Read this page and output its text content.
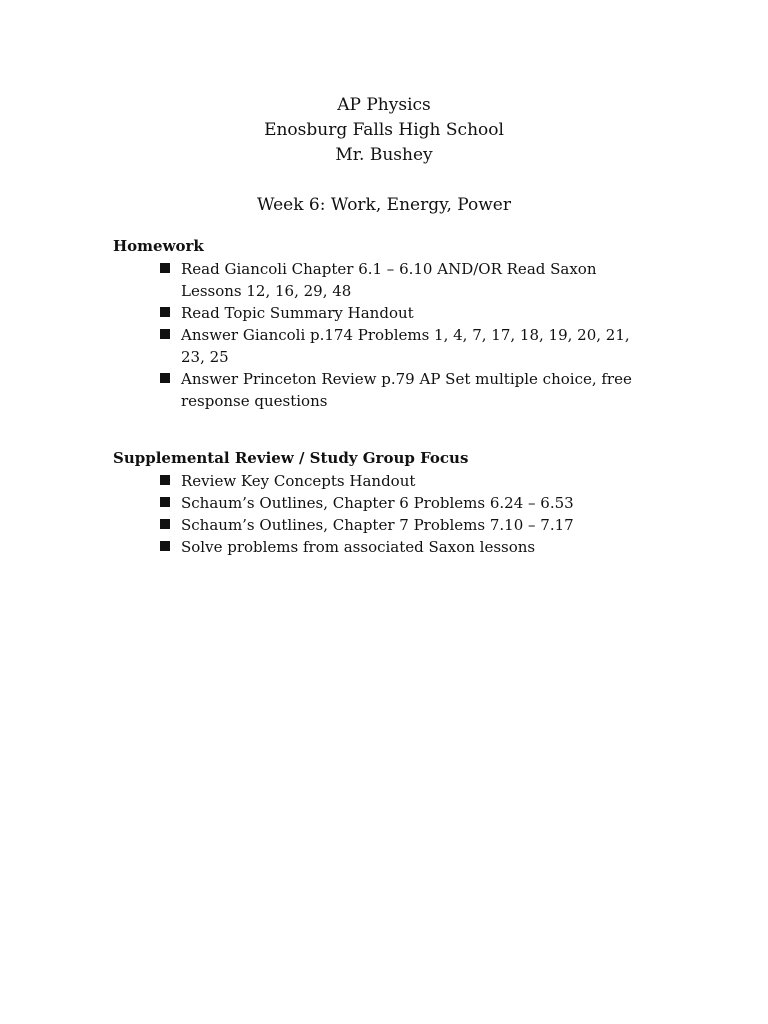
AP Physics
Enosburg Falls High School
Mr. Bushey
Week 6: Work, Energy, Power
Homework
Read Giancoli Chapter 6.1 – 6.10 AND/OR Read Saxon Lessons 12, 16, 29, 48
Read Topic Summary Handout
Answer Giancoli p.174 Problems 1, 4, 7, 17, 18, 19, 20, 21, 23, 25
Answer Princeton Review p.79 AP Set multiple choice, free response questions
Supplemental Review / Study Group Focus
Review Key Concepts Handout
Schaum’s Outlines, Chapter 6 Problems 6.24 – 6.53
Schaum’s Outlines, Chapter 7 Problems 7.10 – 7.17
Solve problems from associated Saxon lessons
